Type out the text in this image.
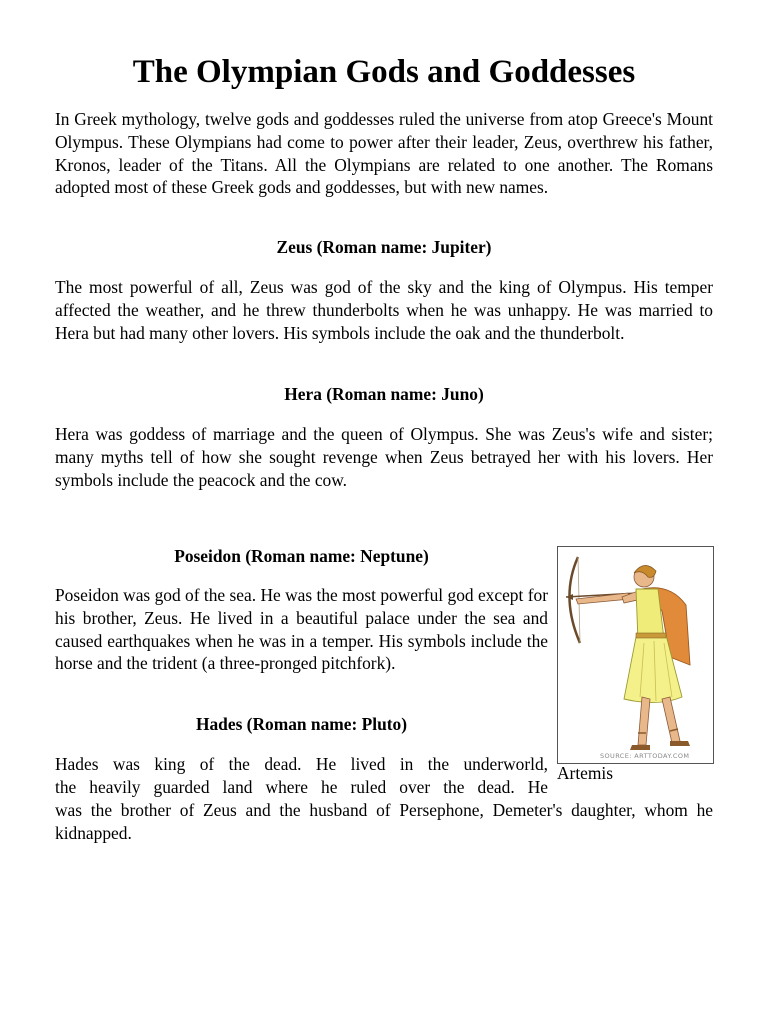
The Olympian Gods and Goddesses

In Greek mythology, twelve gods and goddesses ruled the universe from atop Greece's Mount Olympus. These Olympians had come to power after their leader, Zeus, overthrew his father, Kronos, leader of the Titans. All the Olympians are related to one another. The Romans adopted most of these Greek gods and goddesses, but with new names.

Zeus (Roman name: Jupiter)

The most powerful of all, Zeus was god of the sky and the king of Olympus. His temper affected the weather, and he threw thunderbolts when he was unhappy. He was married to Hera but had many other lovers. His symbols include the oak and the thunderbolt.

Hera (Roman name: Juno)

Hera was goddess of marriage and the queen of Olympus. She was Zeus's wife and sister; many myths tell of how she sought revenge when Zeus betrayed her with his lovers. Her symbols include the peacock and the cow.

Poseidon (Roman name: Neptune)

Poseidon was god of the sea. He was the most powerful god except for his brother, Zeus. He lived in a beautiful palace under the sea and caused earthquakes when he was in a temper. His symbols include the horse and the trident (a three-pronged pitchfork).

Hades (Roman name: Pluto)

Hades was king of the dead. He lived in the underworld,

the heavily guarded land where he ruled over the dead. He

was the brother of Zeus and the husband of Persephone, Demeter's daughter, whom he kidnapped.

SOURCE: ARTTODAY.COM
Artemis
